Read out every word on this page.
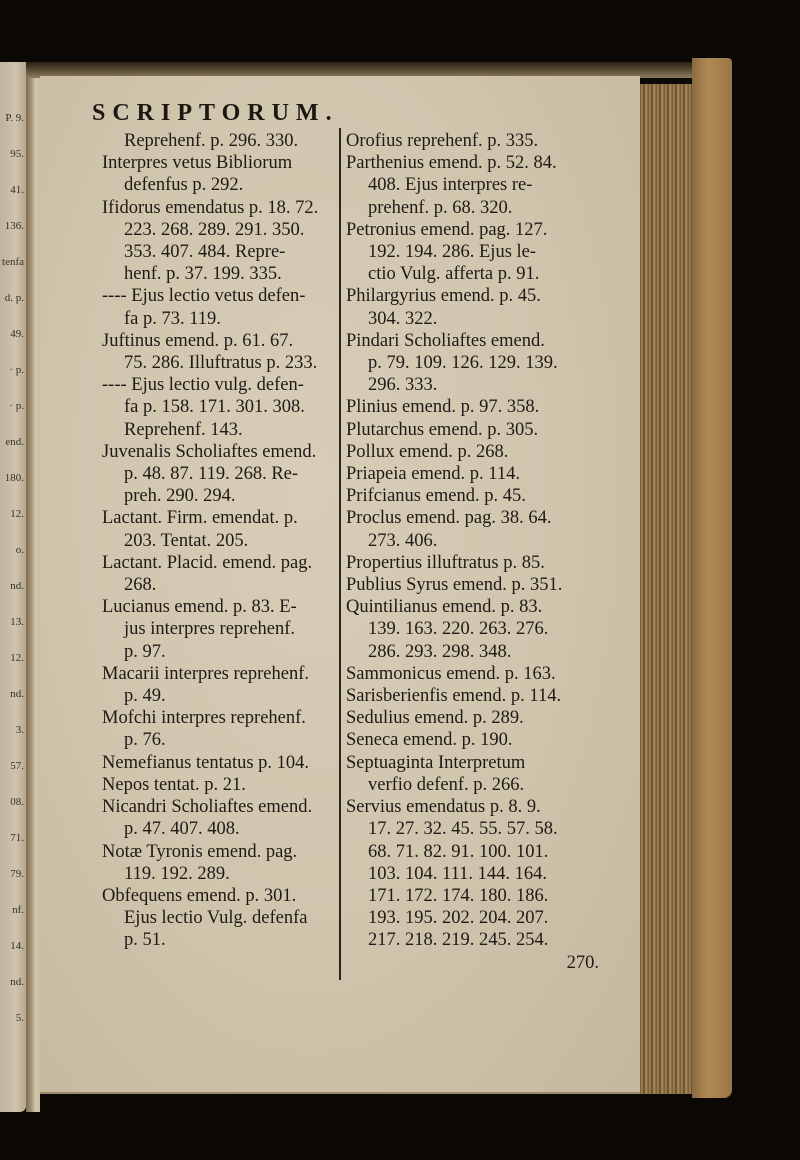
P. 9.
95.
41.
136.
tenfa
d. p.
49.
· p.
· p.
end.
180.
12.
o.
nd.
13.
12.
nd.
3.
57.
08.
71.
79.
nf.
14.
nd.
5.
SCRIPTORUM.
Reprehenf. p. 296. 330.
Interpres vetus Bibliorum
defenfus p. 292.
Ifidorus emendatus p. 18. 72.
223. 268. 289. 291. 350.
353. 407. 484. Repre-
henf. p. 37. 199. 335.
---- Ejus lectio vetus defen-
fa p. 73. 119.
Juftinus emend. p. 61. 67.
75. 286. Illuftratus p. 233.
---- Ejus lectio vulg. defen-
fa p. 158. 171. 301. 308.
Reprehenf. 143.
Juvenalis Scholiaftes emend.
p. 48. 87. 119. 268. Re-
preh. 290. 294.
Lactant. Firm. emendat. p.
203. Tentat. 205.
Lactant. Placid. emend. pag.
268.
Lucianus emend. p. 83. E-
jus interpres reprehenf.
p. 97.
Macarii interpres reprehenf.
p. 49.
Mofchi interpres reprehenf.
p. 76.
Nemefianus tentatus p. 104.
Nepos tentat. p. 21.
Nicandri Scholiaftes emend.
p. 47. 407. 408.
Notæ Tyronis emend. pag.
119. 192. 289.
Obfequens emend. p. 301.
Ejus lectio Vulg. defenfa
p. 51.
Orofius reprehenf. p. 335.
Parthenius emend. p. 52. 84.
408. Ejus interpres re-
prehenf. p. 68. 320.
Petronius emend. pag. 127.
192. 194. 286. Ejus le-
ctio Vulg. afferta p. 91.
Philargyrius emend. p. 45.
304. 322.
Pindari Scholiaftes emend.
p. 79. 109. 126. 129. 139.
296. 333.
Plinius emend. p. 97. 358.
Plutarchus emend. p. 305.
Pollux emend. p. 268.
Priapeia emend. p. 114.
Prifcianus emend. p. 45.
Proclus emend. pag. 38. 64.
273. 406.
Propertius illuftratus p. 85.
Publius Syrus emend. p. 351.
Quintilianus emend. p. 83.
139. 163. 220. 263. 276.
286. 293. 298. 348.
Sammonicus emend. p. 163.
Sarisberienfis emend. p. 114.
Sedulius emend. p. 289.
Seneca emend. p. 190.
Septuaginta Interpretum
verfio defenf. p. 266.
Servius emendatus p. 8. 9.
17. 27. 32. 45. 55. 57. 58.
68. 71. 82. 91. 100. 101.
103. 104. 111. 144. 164.
171. 172. 174. 180. 186.
193. 195. 202. 204. 207.
217. 218. 219. 245. 254.
270.
